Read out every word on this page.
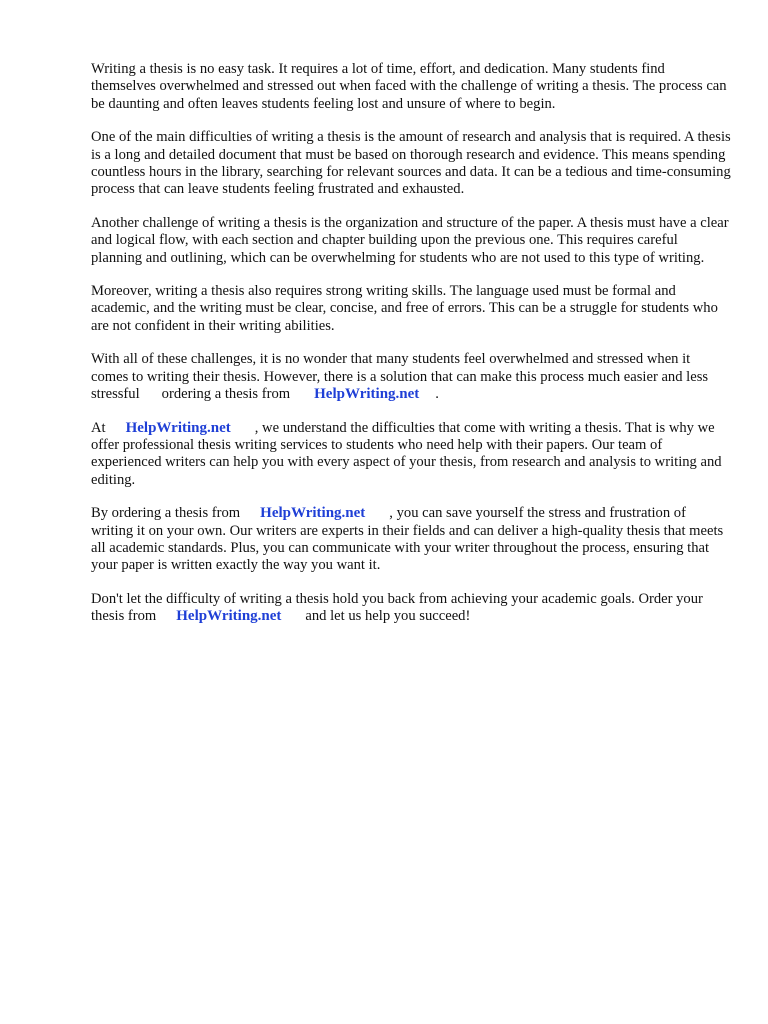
Writing a thesis is no easy task. It requires a lot of time, effort, and dedication. Many students find themselves overwhelmed and stressed out when faced with the challenge of writing a thesis. The process can be daunting and often leaves students feeling lost and unsure of where to begin.

One of the main difficulties of writing a thesis is the amount of research and analysis that is required. A thesis is a long and detailed document that must be based on thorough research and evidence. This means spending countless hours in the library, searching for relevant sources and data. It can be a tedious and time-consuming process that can leave students feeling frustrated and exhausted.

Another challenge of writing a thesis is the organization and structure of the paper. A thesis must have a clear and logical flow, with each section and chapter building upon the previous one. This requires careful planning and outlining, which can be overwhelming for students who are not used to this type of writing.

Moreover, writing a thesis also requires strong writing skills. The language used must be formal and academic, and the writing must be clear, concise, and free of errors. This can be a struggle for students who are not confident in their writing abilities.

With all of these challenges, it is no wonder that many students feel overwhelmed and stressed when it comes to writing their thesis. However, there is a solution that can make this process much easier and less stressful ordering a thesis from HelpWriting.net .

At HelpWriting.net , we understand the difficulties that come with writing a thesis. That is why we offer professional thesis writing services to students who need help with their papers. Our team of experienced writers can help you with every aspect of your thesis, from research and analysis to writing and editing.

By ordering a thesis from HelpWriting.net , you can save yourself the stress and frustration of writing it on your own. Our writers are experts in their fields and can deliver a high-quality thesis that meets all academic standards. Plus, you can communicate with your writer throughout the process, ensuring that your paper is written exactly the way you want it.

Don't let the difficulty of writing a thesis hold you back from achieving your academic goals. Order your thesis from HelpWriting.net and let us help you succeed!
